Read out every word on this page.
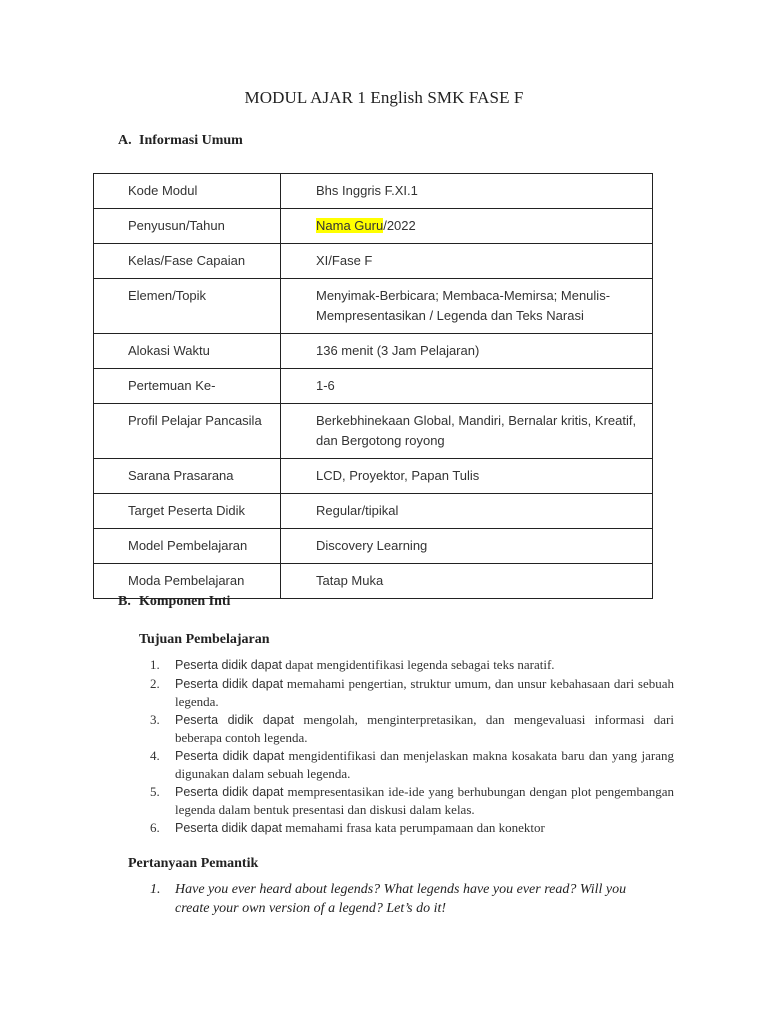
MODUL AJAR 1 English SMK FASE F
A. Informasi Umum
Kode Modul	Bhs Inggris F.XI.1
Penyusun/Tahun	Nama Guru/2022
Kelas/Fase Capaian	XI/Fase F
Elemen/Topik	Menyimak-Berbicara; Membaca-Memirsa; Menulis-Mempresentasikan / Legenda dan Teks Narasi
Alokasi Waktu	136 menit (3 Jam Pelajaran)
Pertemuan Ke-	1-6
Profil Pelajar Pancasila	Berkebhinekaan Global, Mandiri, Bernalar kritis, Kreatif, dan Bergotong royong
Sarana Prasarana	LCD, Proyektor, Papan Tulis
Target Peserta Didik	Regular/tipikal
Model Pembelajaran	Discovery Learning
Moda Pembelajaran	Tatap Muka
B. Komponen Inti
Tujuan Pembelajaran
1. Peserta didik dapat dapat mengidentifikasi legenda sebagai teks naratif.
2. Peserta didik dapat memahami pengertian, struktur umum, dan unsur kebahasaan dari sebuah legenda.
3. Peserta didik dapat mengolah, menginterpretasikan, dan mengevaluasi informasi dari beberapa contoh legenda.
4. Peserta didik dapat mengidentifikasi dan menjelaskan makna kosakata baru dan yang jarang digunakan dalam sebuah legenda.
5. Peserta didik dapat mempresentasikan ide-ide yang berhubungan dengan plot pengembangan legenda dalam bentuk presentasi dan diskusi dalam kelas.
6. Peserta didik dapat memahami frasa kata perumpamaan dan konektor
Pertanyaan Pemantik
1. Have you ever heard about legends? What legends have you ever read? Will you create your own version of a legend? Let’s do it!
